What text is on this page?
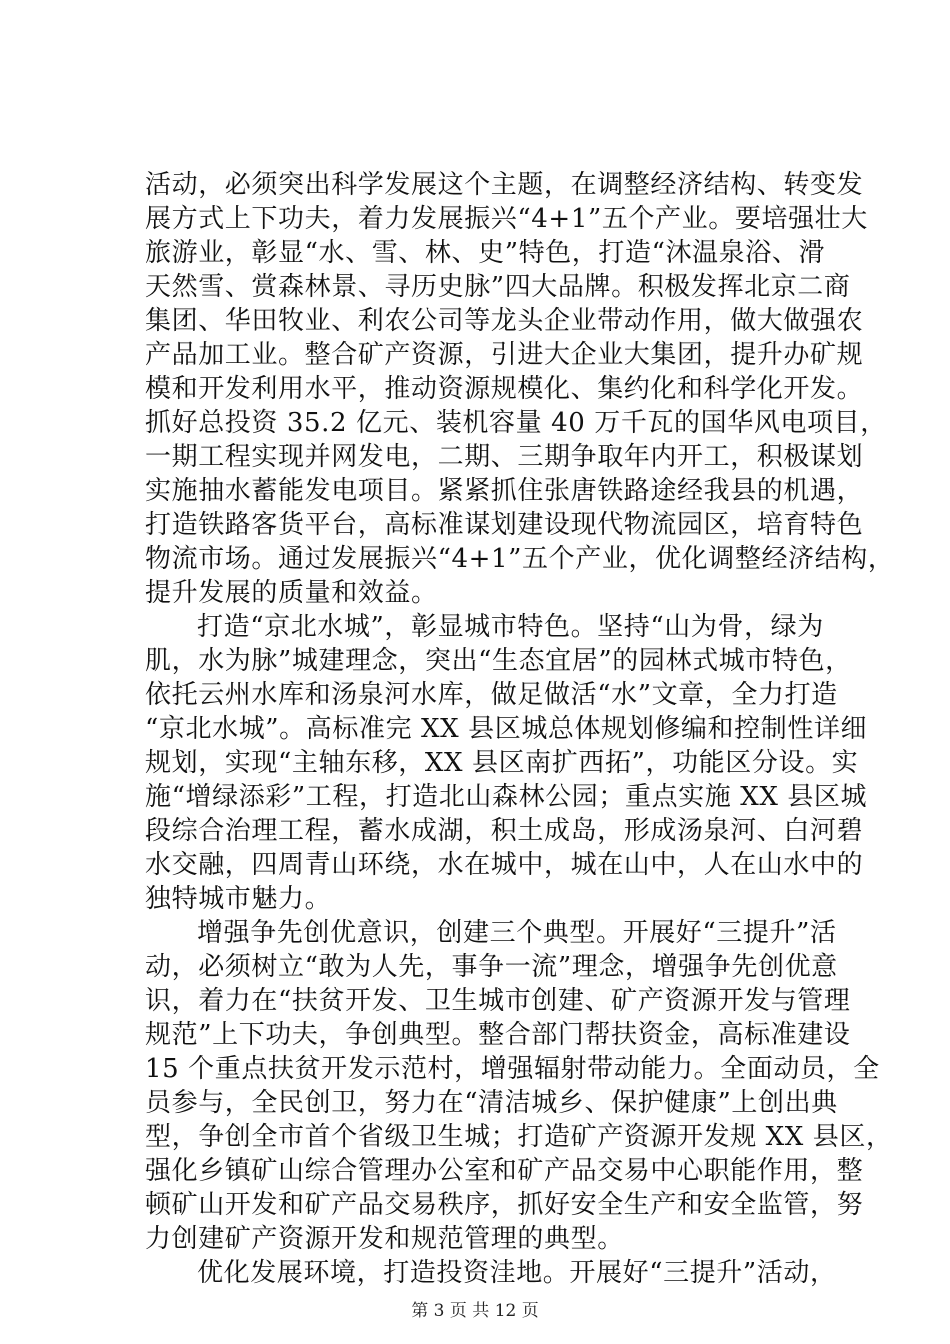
活动，必须突出科学发展这个主题，在调整经济结构、转变发
展方式上下功夫，着力发展振兴“4+1”五个产业。要培强壮大
旅游业，彰显“水、雪、林、史”特色，打造“沐温泉浴、滑
天然雪、赏森林景、寻历史脉”四大品牌。积极发挥北京二商
集团、华田牧业、利农公司等龙头企业带动作用，做大做强农
产品加工业。整合矿产资源，引进大企业大集团，提升办矿规
模和开发利用水平，推动资源规模化、集约化和科学化开发。
抓好总投资 35.2 亿元、装机容量 40 万千瓦的国华风电项目，
一期工程实现并网发电，二期、三期争取年内开工，积极谋划
实施抽水蓄能发电项目。紧紧抓住张唐铁路途经我县的机遇，
打造铁路客货平台，高标准谋划建设现代物流园区，培育特色
物流市场。通过发展振兴“4+1”五个产业，优化调整经济结构，
提升发展的质量和效益。
打造“京北水城”，彰显城市特色。坚持“山为骨，绿为
肌，水为脉”城建理念，突出“生态宜居”的园林式城市特色，
依托云州水库和汤泉河水库，做足做活“水”文章，全力打造
“京北水城”。高标准完 XX 县区城总体规划修编和控制性详细
规划，实现“主轴东移，XX 县区南扩西拓”，功能区分设。实
施“增绿添彩”工程，打造北山森林公园；重点实施 XX 县区城
段综合治理工程，蓄水成湖，积土成岛，形成汤泉河、白河碧
水交融，四周青山环绕，水在城中，城在山中，人在山水中的
独特城市魅力。
增强争先创优意识，创建三个典型。开展好“三提升”活
动，必须树立“敢为人先，事争一流”理念，增强争先创优意
识，着力在“扶贫开发、卫生城市创建、矿产资源开发与管理
规范”上下功夫，争创典型。整合部门帮扶资金，高标准建设
15 个重点扶贫开发示范村，增强辐射带动能力。全面动员，全
员参与，全民创卫，努力在“清洁城乡、保护健康”上创出典
型，争创全市首个省级卫生城；打造矿产资源开发规 XX 县区，
强化乡镇矿山综合管理办公室和矿产品交易中心职能作用，整
顿矿山开发和矿产品交易秩序，抓好安全生产和安全监管，努
力创建矿产资源开发和规范管理的典型。
优化发展环境，打造投资洼地。开展好“三提升”活动，
第 3 页 共 12 页
